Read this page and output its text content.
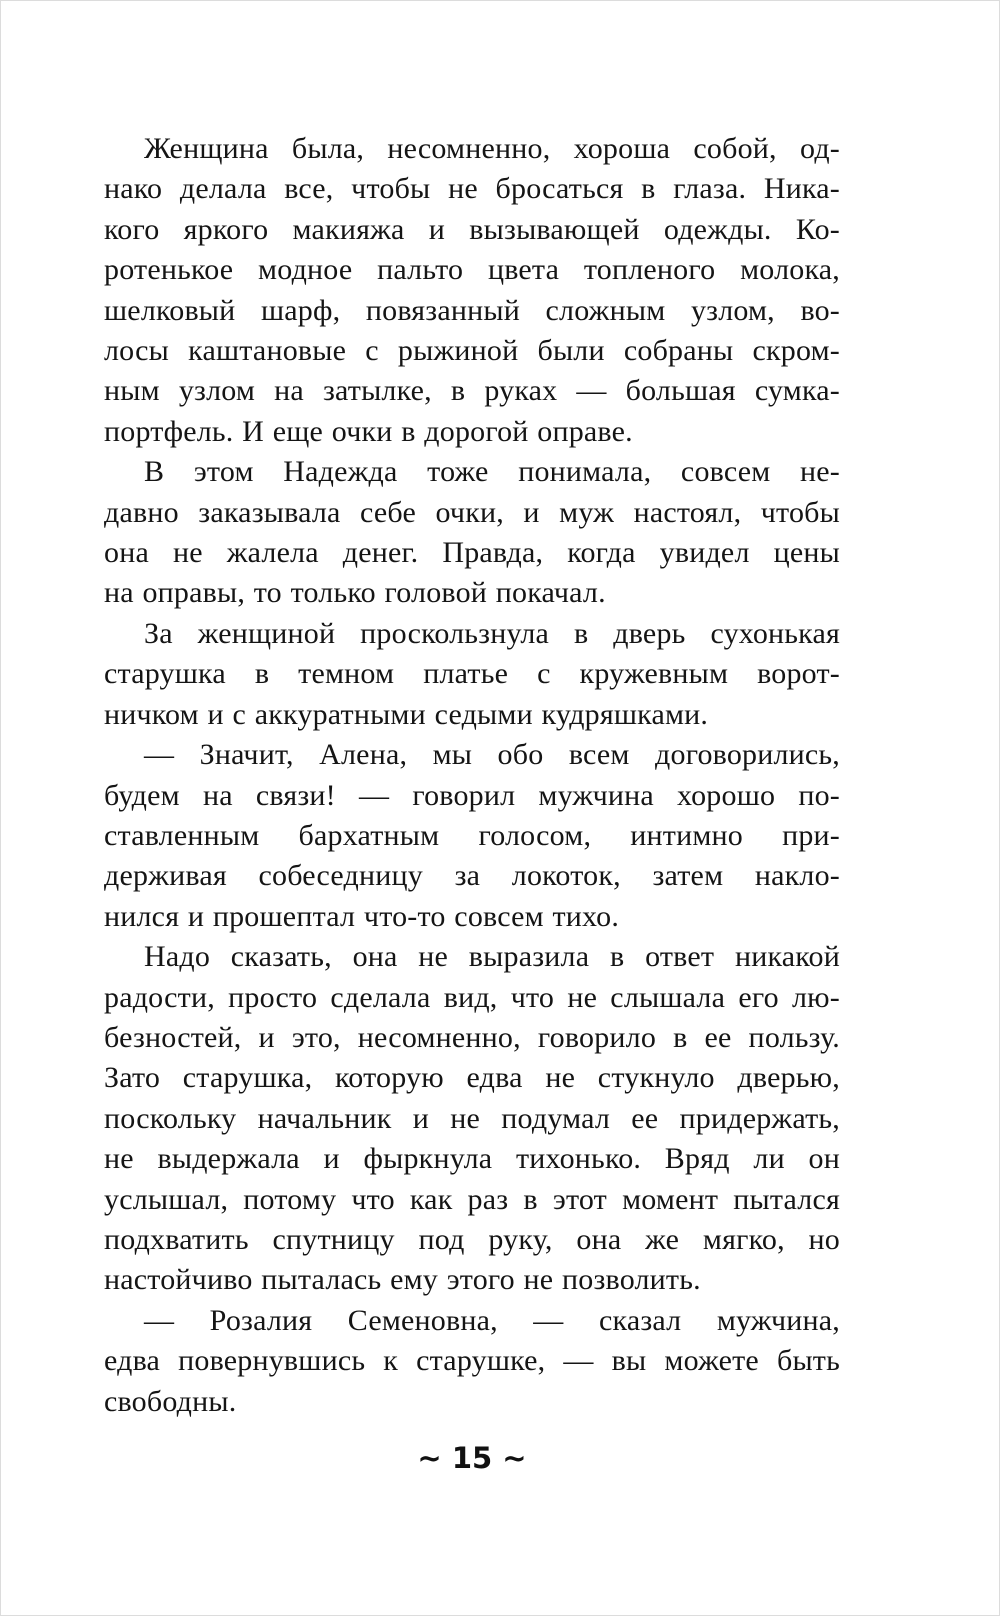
Женщина была, несомненно, хороша собой, од-
нако делала все, чтобы не бросаться в глаза. Ника-
кого яркого макияжа и вызывающей одежды. Ко-
ротенькое модное пальто цвета топленого молока,
шелковый шарф, повязанный сложным узлом, во-
лосы каштановые с рыжиной были собраны скром-
ным узлом на затылке, в руках — большая сумка-
портфель. И еще очки в дорогой оправе.
В этом Надежда тоже понимала, совсем не-
давно заказывала себе очки, и муж настоял, чтобы
она не жалела денег. Правда, когда увидел цены
на оправы, то только головой покачал.
За женщиной проскользнула в дверь сухонькая
старушка в темном платье с кружевным ворот-
ничком и с аккуратными седыми кудряшками.
— Значит, Алена, мы обо всем договорились,
будем на связи! — говорил мужчина хорошо по-
ставленным бархатным голосом, интимно при-
держивая собеседницу за локоток, затем накло-
нился и прошептал что-то совсем тихо.
Надо сказать, она не выразила в ответ никакой
радости, просто сделала вид, что не слышала его лю-
безностей, и это, несомненно, говорило в ее пользу.
Зато старушка, которую едва не стукнуло дверью,
поскольку начальник и не подумал ее придержать,
не выдержала и фыркнула тихонько. Вряд ли он
услышал, потому что как раз в этот момент пытался
подхватить спутницу под руку, она же мягко, но
настойчиво пыталась ему этого не позволить.
— Розалия Семеновна, — сказал мужчина,
едва повернувшись к старушке, — вы можете быть
свободны.
~ 15 ~
